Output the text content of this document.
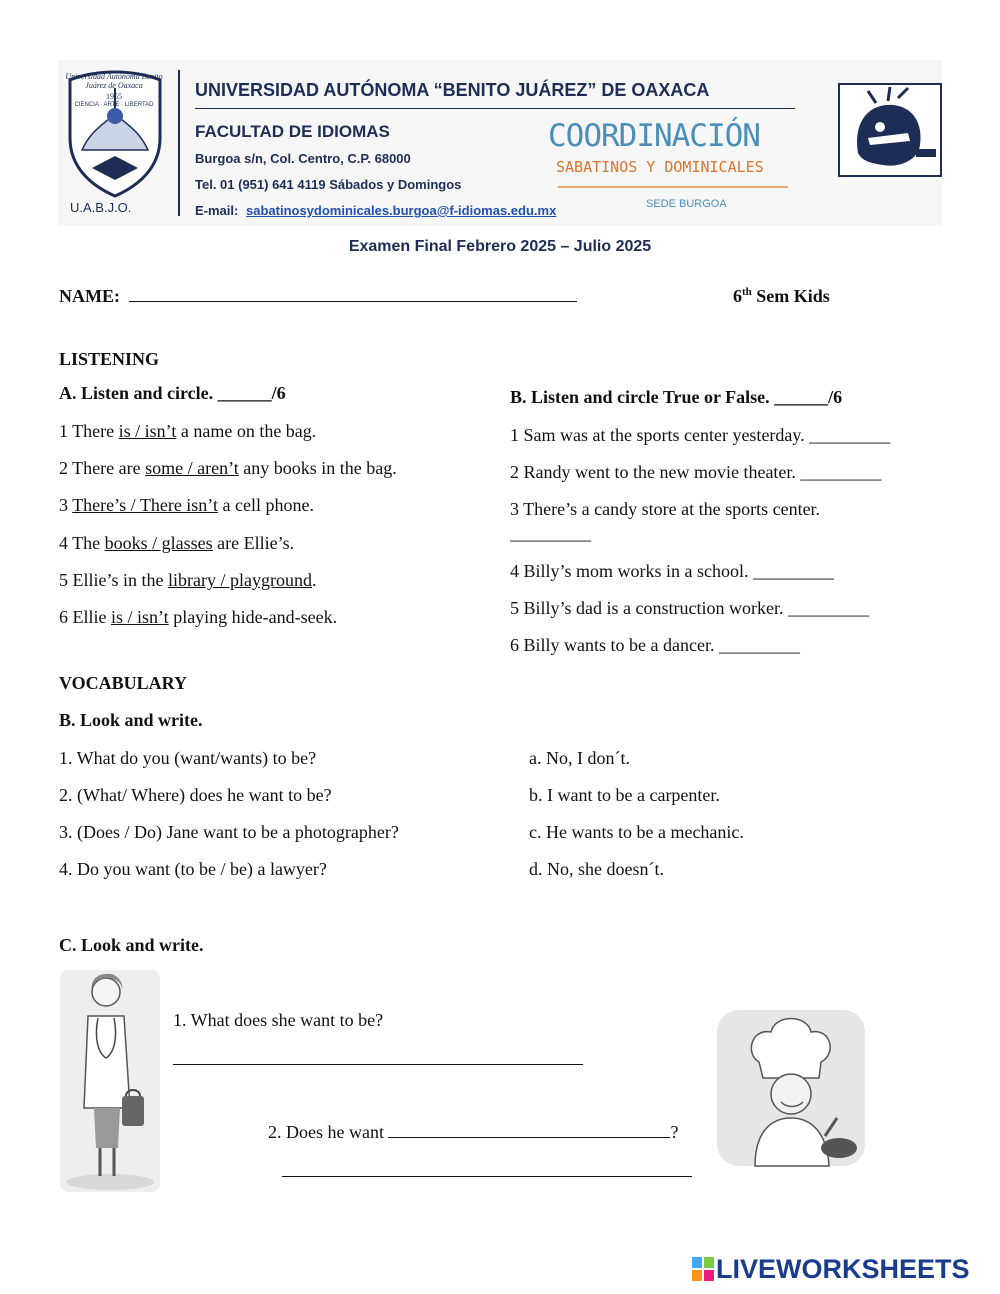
Universidad Autónoma Benito Juárez de Oaxaca
1955
CIENCIA · ARTE · LIBERTAD
U.A.B.J.O.
UNIVERSIDAD AUTÓNOMA “BENITO JUÁREZ” DE OAXACA
FACULTAD DE IDIOMAS
Burgoa s/n, Col. Centro, C.P. 68000
Tel. 01 (951) 641 4119 Sábados y Domingos
E-mail: sabatinosydominicales.burgoa@f-idiomas.edu.mx
COORDINACIÓN
SABATINOS Y DOMINICALES
SEDE BURGOA
Examen Final Febrero 2025 – Julio 2025
NAME:	6th Sem Kids
LISTENING
A. Listen and circle. ______/6
1 There is / isn’t a name on the bag.
2 There are some / aren’t any books in the bag.
3 There’s / There isn’t a cell phone.
4 The books / glasses are Ellie’s.
5 Ellie’s in the library / playground.
6 Ellie is / isn’t playing hide-and-seek.
B. Listen and circle True or False. ______/6
1 Sam was at the sports center yesterday. _________
2 Randy went to the new movie theater. _________
3 There’s a candy store at the sports center.
_________
4 Billy’s mom works in a school. _________
5 Billy’s dad is a construction worker. _________
6 Billy wants to be a dancer. _________
VOCABULARY
B. Look and write.
1. What do you (want/wants) to be?
2. (What/ Where) does he want to be?
3. (Does / Do) Jane want to be a photographer?
4. Do you want (to be / be) a lawyer?
a. No, I don´t.
b. I want to be a carpenter.
c. He wants to be a mechanic.
d. No, she doesn´t.
C. Look and write.
1. What does she want to be?
2. Does he want	?
LIVEWORKSHEETS
